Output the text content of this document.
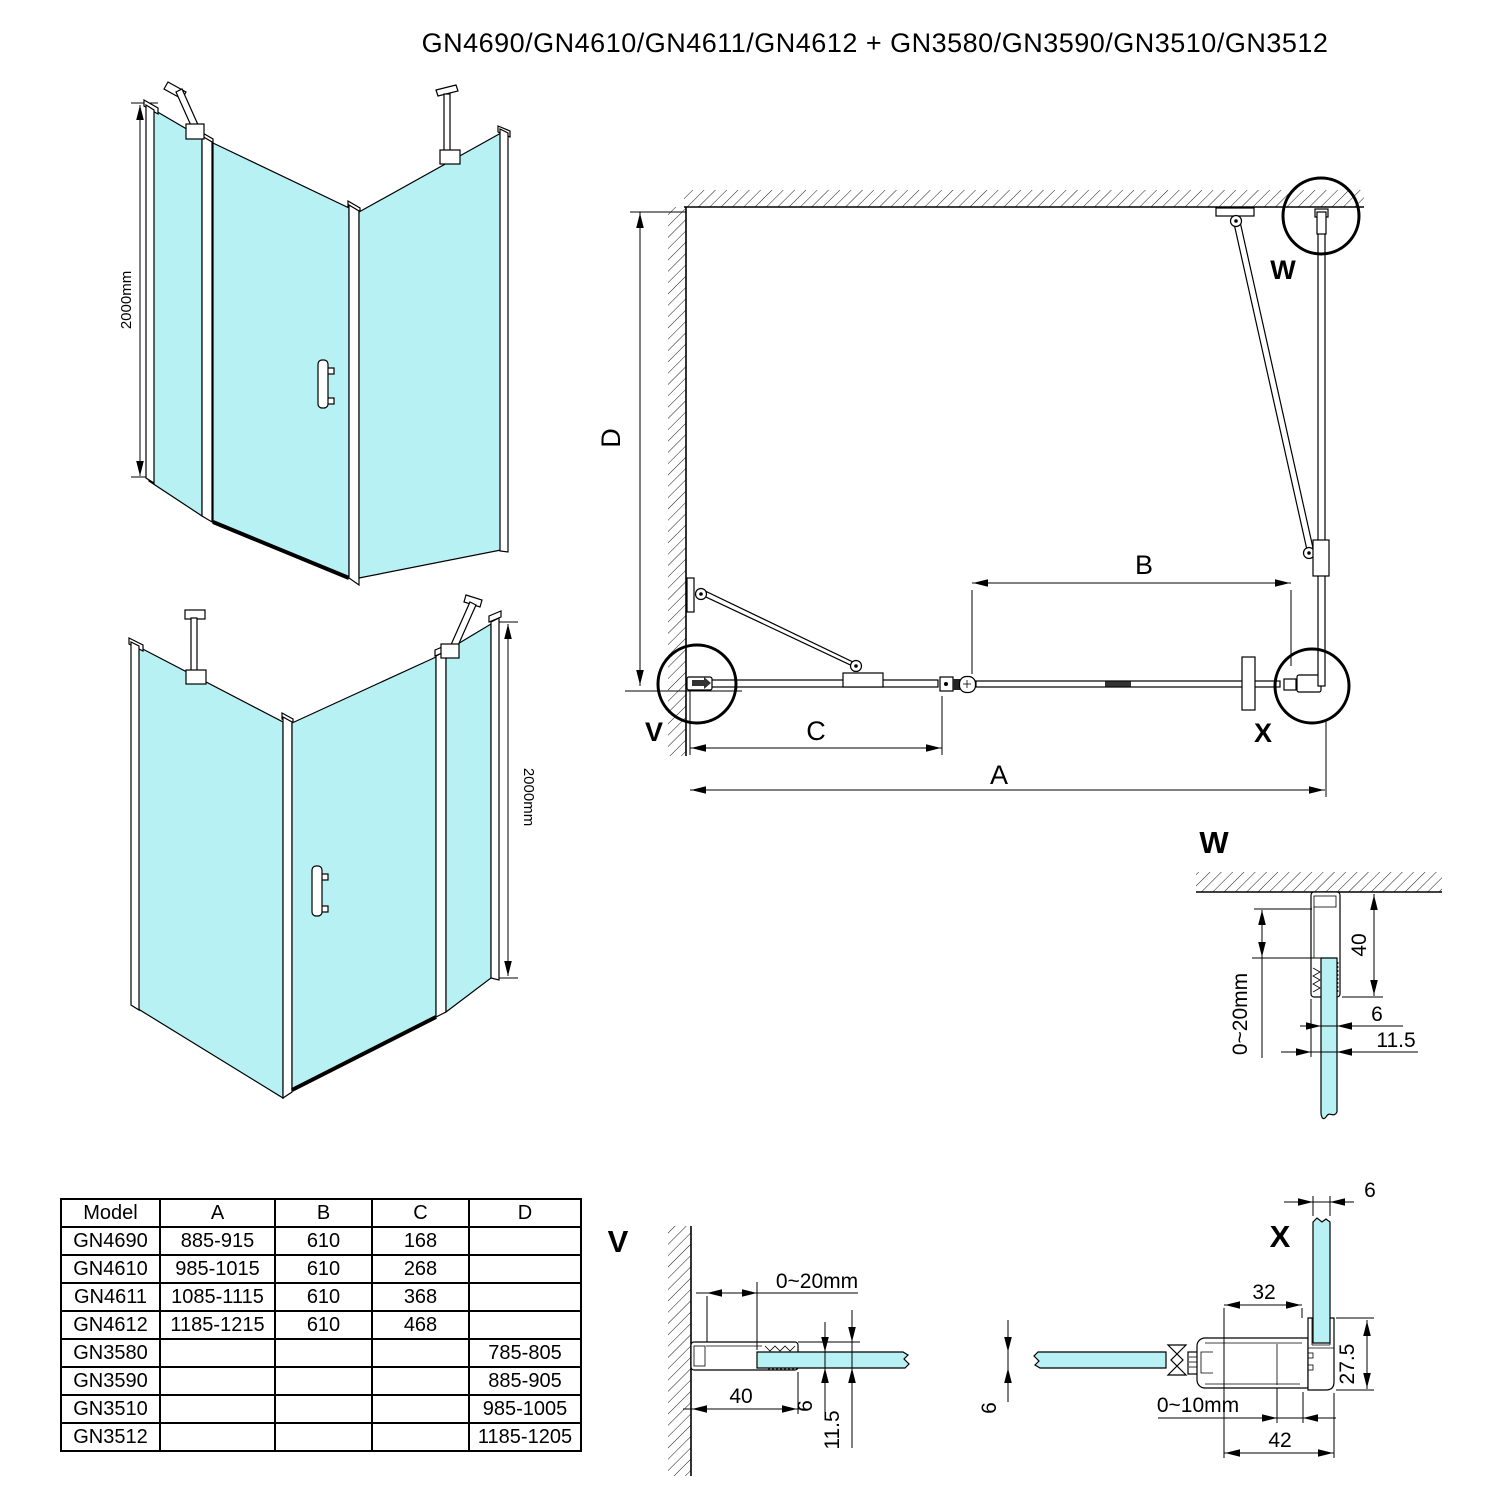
GN4690/GN4610/GN4611/GN4612 + GN3580/GN3590/GN3510/GN3512
2000mm
2000mm
D
V
W
X
B
C
A
W
40
0~20mm	6
11.5
V
0~20mm
40 6
11.5
X
6
6
32
27.5
0~10mm
42
Model	A	B	C	D
GN4690	885-915	610	168	
GN4610	985-1015	610	268	
GN4611	1085-1115	610	368	
GN4612	1185-1215	610	468	
GN3580				785-805
GN3590				885-905
GN3510				985-1005
GN3512				1185-1205
